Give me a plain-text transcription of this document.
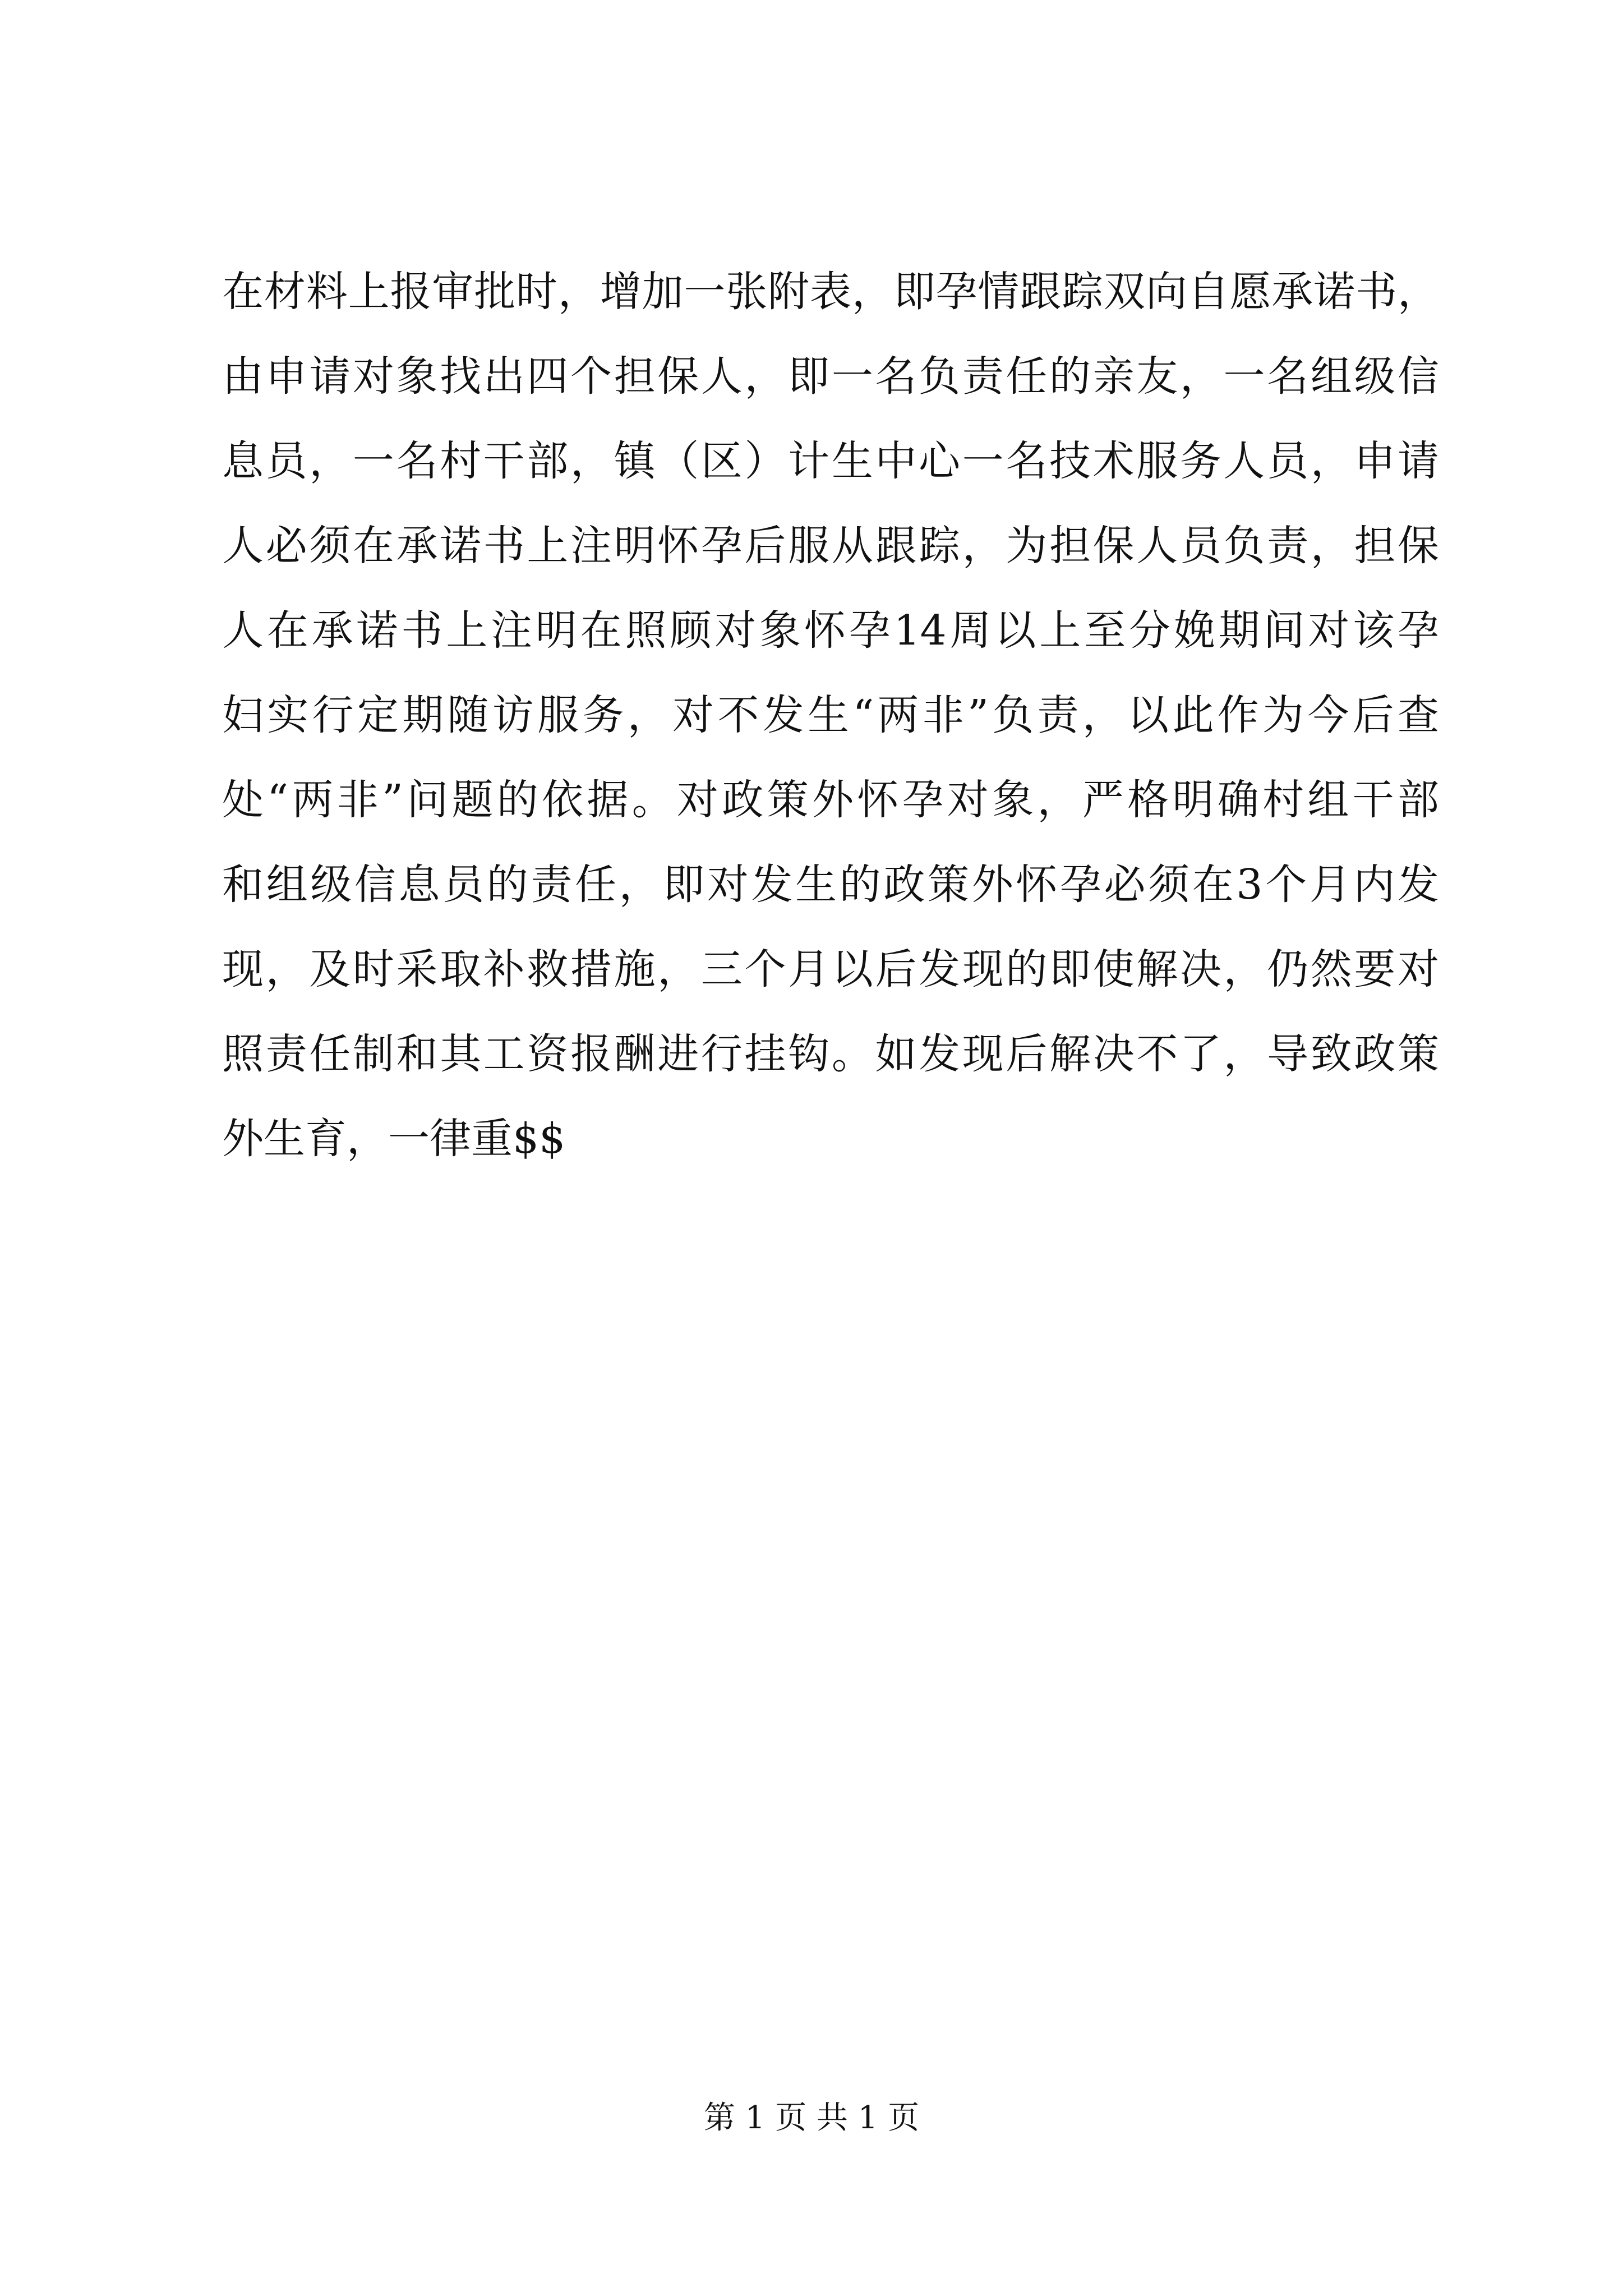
在材料上报审批时，增加一张附表，即孕情跟踪双向自愿承诺书，
由申请对象找出四个担保人，即一名负责任的亲友，一名组级信
息员，一名村干部，镇（区）计生中心一名技术服务人员，申请
人必须在承诺书上注明怀孕后服从跟踪，为担保人员负责，担保
人在承诺书上注明在照顾对象怀孕14周以上至分娩期间对该孕
妇实行定期随访服务，对不发生“两非”负责，以此作为今后查
处“两非”问题的依据。对政策外怀孕对象，严格明确村组干部
和组级信息员的责任，即对发生的政策外怀孕必须在3个月内发
现，及时采取补救措施，三个月以后发现的即使解决，仍然要对
照责任制和其工资报酬进行挂钩。如发现后解决不了，导致政策
外生育，一律重$$
第 1 页 共 1 页
